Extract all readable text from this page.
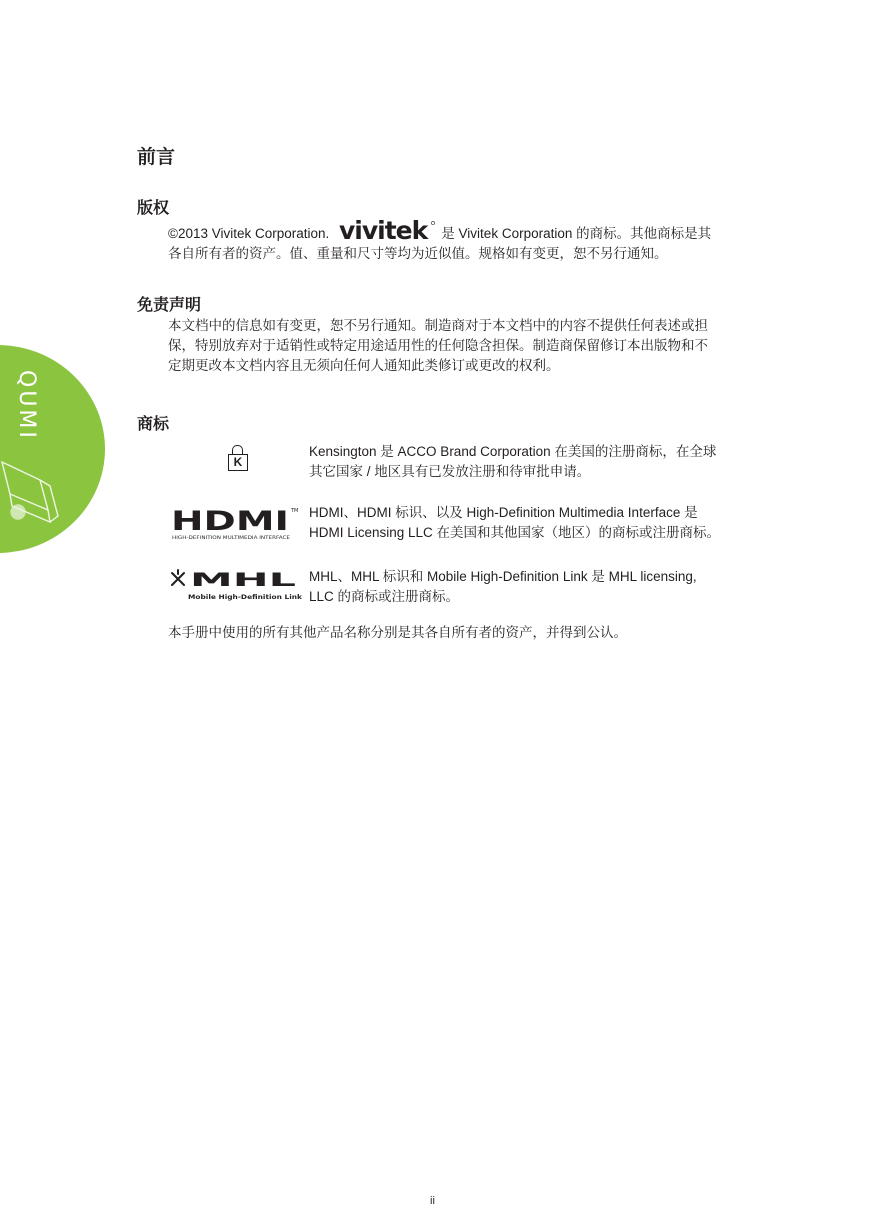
QUMI
前言
版权
©2013 Vivitek Corporation. vivitek 是 Vivitek Corporation 的商标。其他商标是其
各自所有者的资产。值、重量和尺寸等均为近似值。规格如有变更，恕不另行通知。
免责声明
本文档中的信息如有变更，恕不另行通知。制造商对于本文档中的内容不提供任何表述或担
保，特别放弃对于适销性或特定用途适用性的任何隐含担保。制造商保留修订本出版物和不
定期更改本文档内容且无须向任何人通知此类修订或更改的权利。
商标
K
Kensington 是 ACCO Brand Corporation 在美国的注册商标，在全球
其它国家 / 地区具有已发放注册和待审批申请。
HDMI TM
HIGH-DEFINITION MULTIMEDIA INTERFACE
HDMI、HDMI 标识、以及 High-Definition Multimedia Interface 是
HDMI Licensing LLC 在美国和其他国家（地区）的商标或注册商标。
MHL
Mobile High-Definition Link
MHL、MHL 标识和 Mobile High-Definition Link 是 MHL licensing,
LLC 的商标或注册商标。
本手册中使用的所有其他产品名称分别是其各自所有者的资产，并得到公认。
ii
